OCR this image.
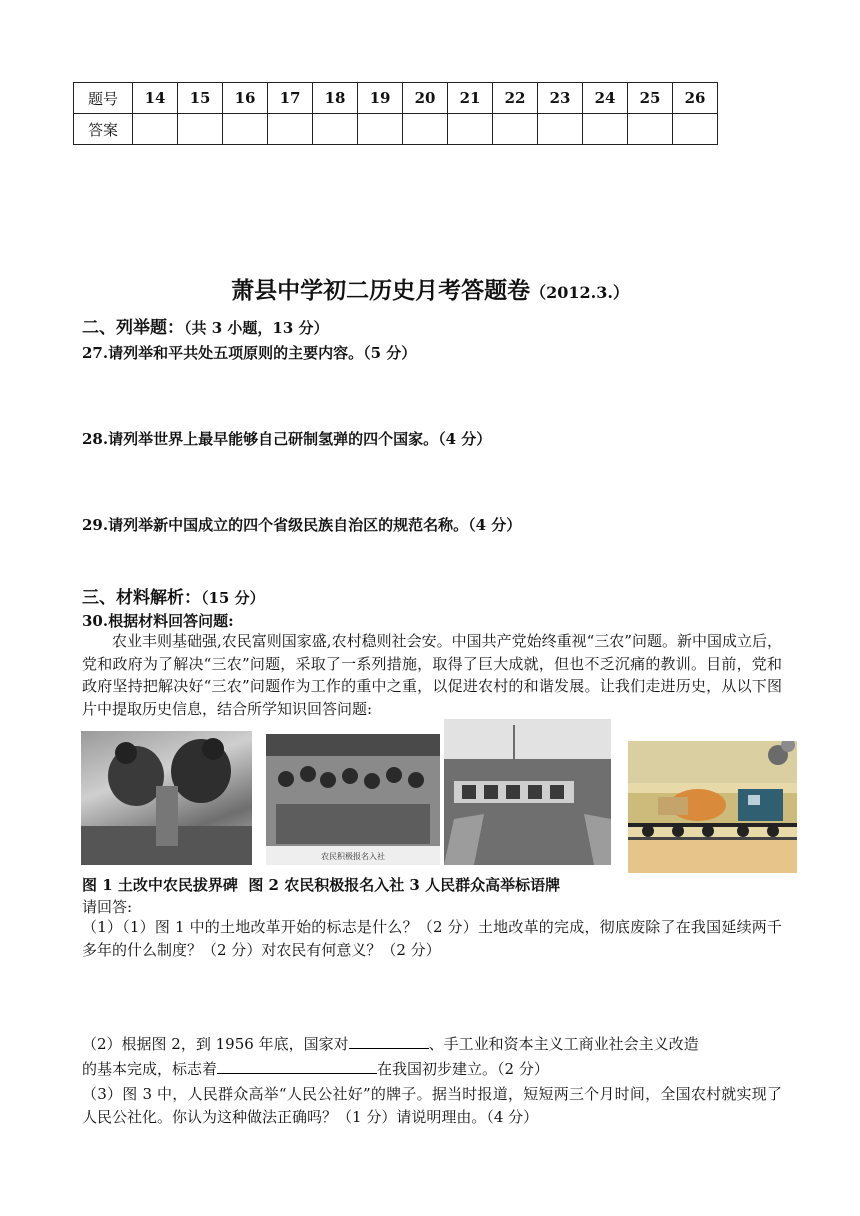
题号	14	15	16	17	18	19	20	21	22	23	24	25	26
答案													
萧县中学初二历史月考答题卷（2012.3.）
二、列举题：（共 3 小题，13 分）
27.请列举和平共处五项原则的主要内容。（5 分）
28.请列举世界上最早能够自己研制氢弹的四个国家。（4 分）
29.请列举新中国成立的四个省级民族自治区的规范名称。（4 分）
三、材料解析：（15 分）
30.根据材料回答问题:
农业丰则基础强,农民富则国家盛,农村稳则社会安。中国共产党始终重视“三农”问题。新中国成立后，党和政府为了解决“三农”问题，采取了一系列措施，取得了巨大成就，但也不乏沉痛的教训。目前，党和政府坚持把解决好“三农”问题作为工作的重中之重，以促进农村的和谐发展。让我们走进历史，从以下图片中提取历史信息，结合所学知识回答问题:
农民积极报名入社
图 1 土改中农民拔界碑  图 2 农民积极报名入社 3 人民群众高举标语牌
请回答:
（1）（1）图 1 中的土地改革开始的标志是什么？（2 分）土地改革的完成，彻底废除了在我国延续两千多年的什么制度？（2 分）对农民有何意义？（2 分）
（2）根据图 2，到 1956 年底，国家对	、手工业和资本主义工商业社会主义改造
的基本完成，标志着	在我国初步建立。（2 分）
（3）图 3 中，人民群众高举“人民公社好”的牌子。据当时报道，短短两三个月时间，全国农村就实现了人民公社化。你认为这种做法正确吗？（1 分）请说明理由。（4 分）
